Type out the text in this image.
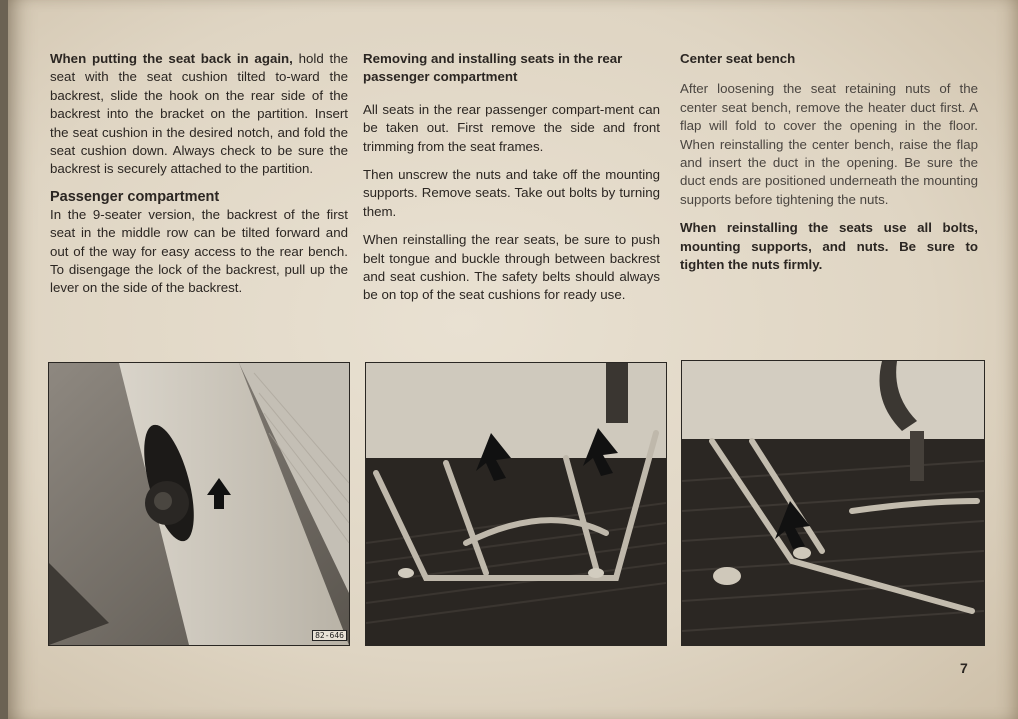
When putting the seat back in again, hold the seat with the seat cushion tilted to-ward the backrest, slide the hook on the rear side of the backrest into the bracket on the partition. Insert the seat cushion in the desired notch, and fold the seat cushion down. Always check to be sure the backrest is securely attached to the partition.

Passenger compartment

In the 9-seater version, the backrest of the first seat in the middle row can be tilted forward and out of the way for easy access to the rear bench. To disengage the lock of the backrest, pull up the lever on the side of the backrest.

Removing and installing seats in the rear passenger compartment

All seats in the rear passenger compart-ment can be taken out. First remove the side and front trimming from the seat frames.

Then unscrew the nuts and take off the mounting supports. Remove seats. Take out bolts by turning them.

When reinstalling the rear seats, be sure to push belt tongue and buckle through between backrest and seat cushion. The safety belts should always be on top of the seat cushions for ready use.

Center seat bench

After loosening the seat retaining nuts of the center seat bench, remove the heater duct first. A flap will fold to cover the opening in the floor. When reinstalling the center bench, raise the flap and insert the duct in the opening. Be sure the duct ends are positioned underneath the mounting supports before tightening the nuts.

When reinstalling the seats use all bolts, mounting supports, and nuts. Be sure to tighten the nuts firmly.

82-646
7
